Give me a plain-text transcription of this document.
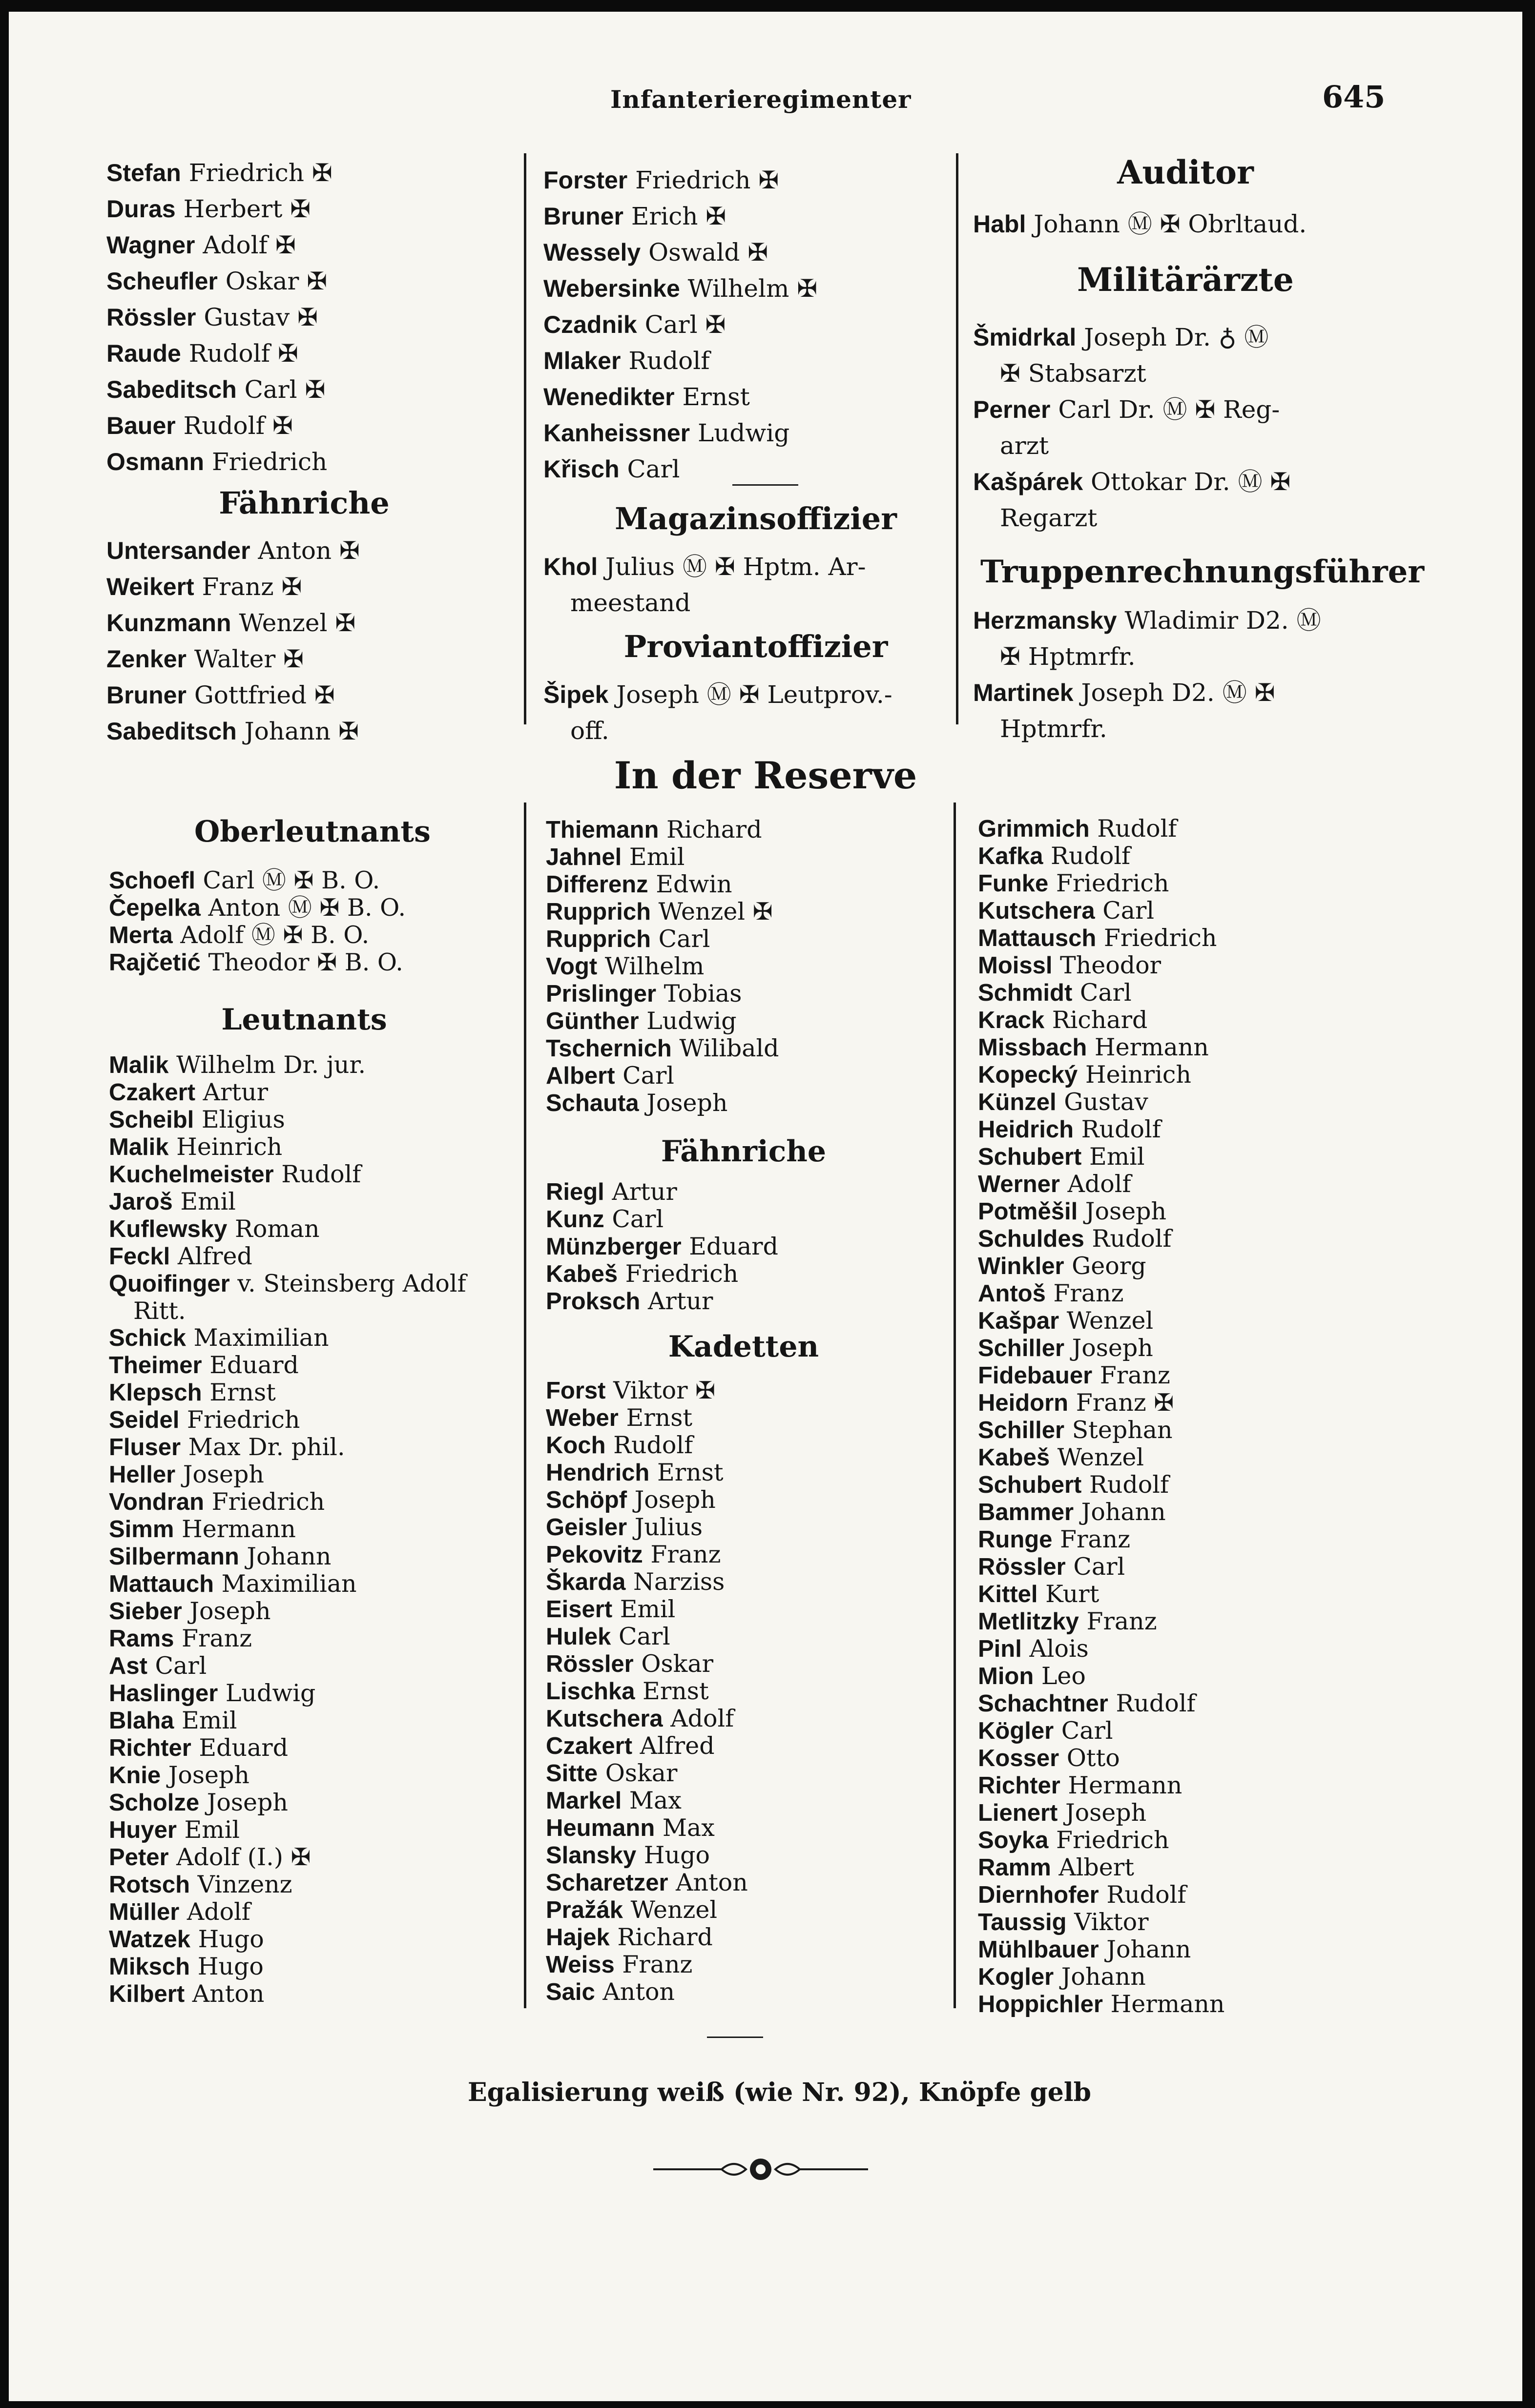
Infanterieregimenter	645
Stefan Friedrich ✠
Duras Herbert ✠
Wagner Adolf ✠
Scheufler Oskar ✠
Rössler Gustav ✠
Raude Rudolf ✠
Sabeditsch Carl ✠
Bauer Rudolf ✠
Osmann Friedrich
Fähnriche
Untersander Anton ✠
Weikert Franz ✠
Kunzmann Wenzel ✠
Zenker Walter ✠
Bruner Gottfried ✠
Sabeditsch Johann ✠
Forster Friedrich ✠
Bruner Erich ✠
Wessely Oswald ✠
Webersinke Wilhelm ✠
Czadnik Carl ✠
Mlaker Rudolf
Wenedikter Ernst
Kanheissner Ludwig
Křisch Carl
Magazinsoffizier
Khol Julius Ⓜ ✠ Hptm. Ar-
meestand
Proviantoffizier
Šipek Joseph Ⓜ ✠ Leutprov.-
off.
Auditor
Habl Johann Ⓜ ✠ Obrltaud.
Militärärzte
Šmidrkal Joseph Dr. ♁ Ⓜ
✠ Stabsarzt
Perner Carl Dr. Ⓜ ✠ Reg-
arzt
Kašpárek Ottokar Dr. Ⓜ ✠
Regarzt
Truppenrechnungsführer
Herzmansky Wladimir D2. Ⓜ
✠ Hptmrfr.
Martinek Joseph D2. Ⓜ ✠
Hptmrfr.
In der Reserve
Oberleutnants
Schoefl Carl Ⓜ ✠ B. O.
Čepelka Anton Ⓜ ✠ B. O.
Merta Adolf Ⓜ ✠ B. O.
Rajčetić Theodor ✠ B. O.
Leutnants
Malik Wilhelm Dr. jur.
Czakert Artur
Scheibl Eligius
Malik Heinrich
Kuchelmeister Rudolf
Jaroš Emil
Kuflewsky Roman
Feckl Alfred
Quoifinger v. Steinsberg Adolf
Ritt.
Schick Maximilian
Theimer Eduard
Klepsch Ernst
Seidel Friedrich
Fluser Max Dr. phil.
Heller Joseph
Vondran Friedrich
Simm Hermann
Silbermann Johann
Mattauch Maximilian
Sieber Joseph
Rams Franz
Ast Carl
Haslinger Ludwig
Blaha Emil
Richter Eduard
Knie Joseph
Scholze Joseph
Huyer Emil
Peter Adolf (I.) ✠
Rotsch Vinzenz
Müller Adolf
Watzek Hugo
Miksch Hugo
Kilbert Anton
Thiemann Richard
Jahnel Emil
Differenz Edwin
Rupprich Wenzel ✠
Rupprich Carl
Vogt Wilhelm
Prislinger Tobias
Günther Ludwig
Tschernich Wilibald
Albert Carl
Schauta Joseph
Fähnriche
Riegl Artur
Kunz Carl
Münzberger Eduard
Kabeš Friedrich
Proksch Artur
Kadetten
Forst Viktor ✠
Weber Ernst
Koch Rudolf
Hendrich Ernst
Schöpf Joseph
Geisler Julius
Pekovitz Franz
Škarda Narziss
Eisert Emil
Hulek Carl
Rössler Oskar
Lischka Ernst
Kutschera Adolf
Czakert Alfred
Sitte Oskar
Markel Max
Heumann Max
Slansky Hugo
Scharetzer Anton
Pražák Wenzel
Hajek Richard
Weiss Franz
Saic Anton
Grimmich Rudolf
Kafka Rudolf
Funke Friedrich
Kutschera Carl
Mattausch Friedrich
Moissl Theodor
Schmidt Carl
Krack Richard
Missbach Hermann
Kopecký Heinrich
Künzel Gustav
Heidrich Rudolf
Schubert Emil
Werner Adolf
Potměšil Joseph
Schuldes Rudolf
Winkler Georg
Antoš Franz
Kašpar Wenzel
Schiller Joseph
Fidebauer Franz
Heidorn Franz ✠
Schiller Stephan
Kabeš Wenzel
Schubert Rudolf
Bammer Johann
Runge Franz
Rössler Carl
Kittel Kurt
Metlitzky Franz
Pinl Alois
Mion Leo
Schachtner Rudolf
Kögler Carl
Kosser Otto
Richter Hermann
Lienert Joseph
Soyka Friedrich
Ramm Albert
Diernhofer Rudolf
Taussig Viktor
Mühlbauer Johann
Kogler Johann
Hoppichler Hermann
Egalisierung weiß (wie Nr. 92), Knöpfe gelb
